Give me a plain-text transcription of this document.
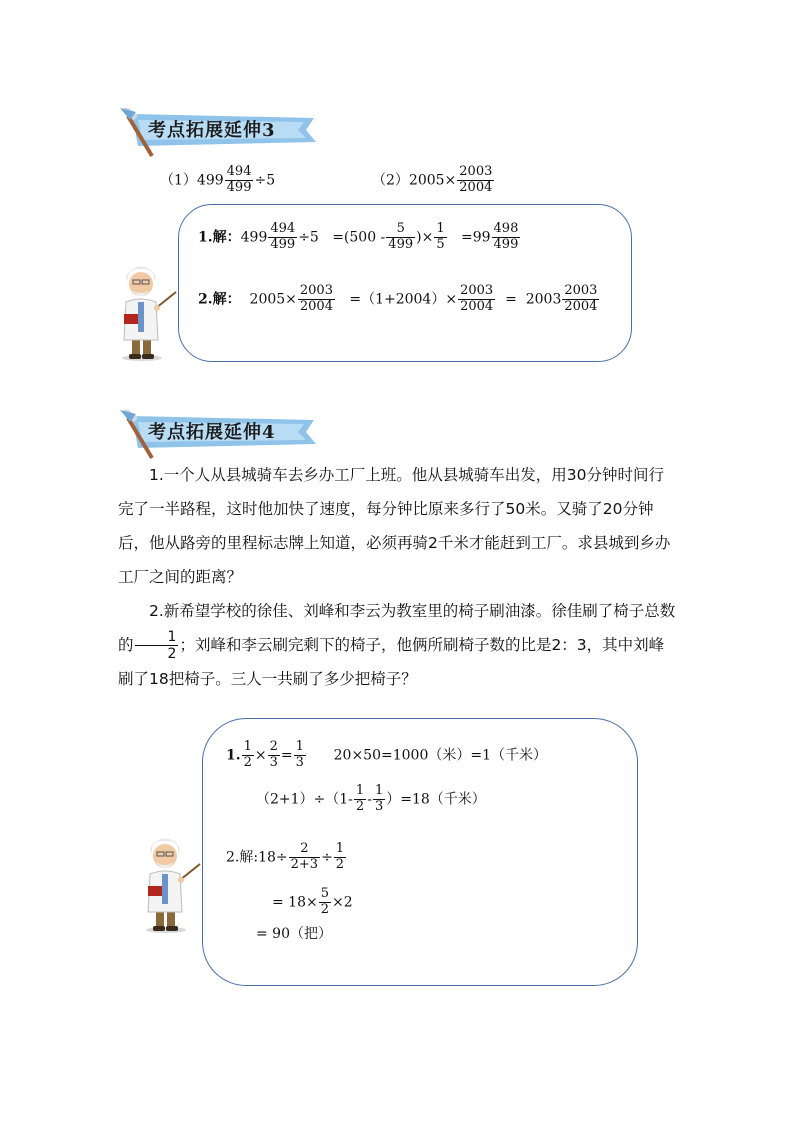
考点拓展延伸3
$(1)499 \frac{494}{499} \div 5$	$(2)2005\times \frac{2003}{2004}$
1.解：$499 \frac{494}{499} \div 5 =(500 - \frac{5}{499}$ )× $\frac{1}{5} =99 \frac{498}{499}$
2.解： $2005\times \frac{2003}{2004} =(1+2004)\times \frac{2003}{2004} = 2003 \frac{2003}{2004}$
考点拓展延伸4

1.一个人从县城骑车去乡办工厂上班。他从县城骑车出发，用30分钟时间行完了一半路程，这时他加快了速度，每分钟比原来多行了50米。又骑了20分钟后，他从路旁的里程标志牌上知道，必须再骑2千米才能赶到工厂。求县城到乡办工厂之间的距离？

2.新希望学校的徐佳、刘峰和李云为教室里的椅子刷油漆。徐佳刷了椅子总数的 $\frac{1}{2}$ ；刘峰和李云刷完剩下的椅子，他俩所刷椅子数的比是2：3，其中刘峰刷了18把椅子。三人一共刷了多少把椅子？

1. $\frac{1}{2} \times \frac{2}{3} = \frac{1}{3} 20\times 50=1000$（米）=1（千米）
$(2+1)\div(1- \frac{1}{2} - \frac{1}{3} )=18$（千米）
2.解:18÷ $\frac{2}{2+3} \div \frac{1}{2}$
= $18\times \frac{5}{2} \times 2$
= 90（把）
